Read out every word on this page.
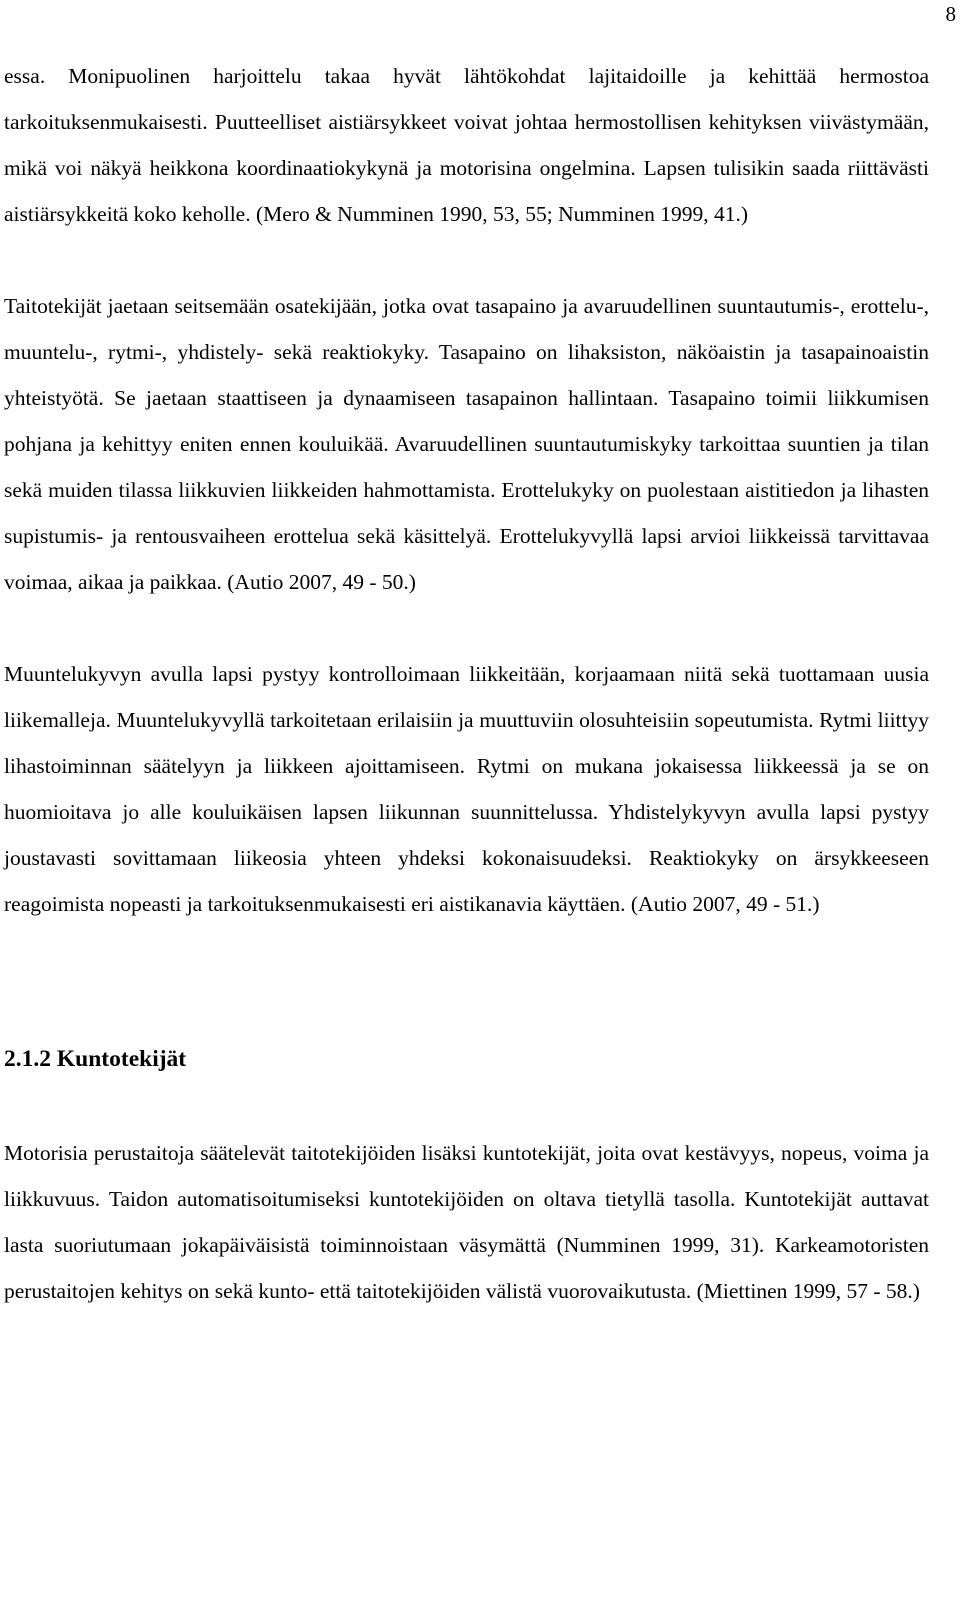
8

essa. Monipuolinen harjoittelu takaa hyvät lähtökohdat lajitaidoille ja kehittää hermostoa tarkoituksenmukaisesti. Puutteelliset aistiärsykkeet voivat johtaa hermostollisen kehityksen viivästymään, mikä voi näkyä heikkona koordinaatiokykynä ja motorisina ongelmina. Lapsen tulisikin saada riittävästi aistiärsykkeitä koko keholle. (Mero & Numminen 1990, 53, 55; Numminen 1999, 41.)

Taitotekijät jaetaan seitsemään osatekijään, jotka ovat tasapaino ja avaruudellinen suuntautumis-, erottelu-, muuntelu-, rytmi-, yhdistely- sekä reaktiokyky. Tasapaino on lihaksiston, näköaistin ja tasapainoaistin yhteistyötä. Se jaetaan staattiseen ja dynaamiseen tasapainon hallintaan. Tasapaino toimii liikkumisen pohjana ja kehittyy eniten ennen kouluikää. Avaruudellinen suuntautumiskyky tarkoittaa suuntien ja tilan sekä muiden tilassa liikkuvien liikkeiden hahmottamista. Erottelukyky on puolestaan aistitiedon ja lihasten supistumis- ja rentousvaiheen erottelua sekä käsittelyä. Erottelukyvyllä lapsi arvioi liikkeissä tarvittavaa voimaa, aikaa ja paikkaa. (Autio 2007, 49 - 50.)

Muuntelukyvyn avulla lapsi pystyy kontrolloimaan liikkeitään, korjaamaan niitä sekä tuottamaan uusia liikemalleja. Muuntelukyvyllä tarkoitetaan erilaisiin ja muuttuviin olosuhteisiin sopeutumista. Rytmi liittyy lihastoiminnan säätelyyn ja liikkeen ajoittamiseen. Rytmi on mukana jokaisessa liikkeessä ja se on huomioitava jo alle kouluikäisen lapsen liikunnan suunnittelussa. Yhdistelykyvyn avulla lapsi pystyy joustavasti sovittamaan liikeosia yhteen yhdeksi kokonaisuudeksi. Reaktiokyky on ärsykkeeseen reagoimista nopeasti ja tarkoituksenmukaisesti eri aistikanavia käyttäen. (Autio 2007, 49 - 51.)

2.1.2 Kuntotekijät

Motorisia perustaitoja säätelevät taitotekijöiden lisäksi kuntotekijät, joita ovat kestävyys, nopeus, voima ja liikkuvuus. Taidon automatisoitumiseksi kuntotekijöiden on oltava tietyllä tasolla. Kuntotekijät auttavat lasta suoriutumaan jokapäiväisistä toiminnoistaan väsymättä (Numminen 1999, 31). Karkeamotoristen perustaitojen kehitys on sekä kunto- että taitotekijöiden välistä vuorovaikutusta. (Miettinen 1999, 57 - 58.)
